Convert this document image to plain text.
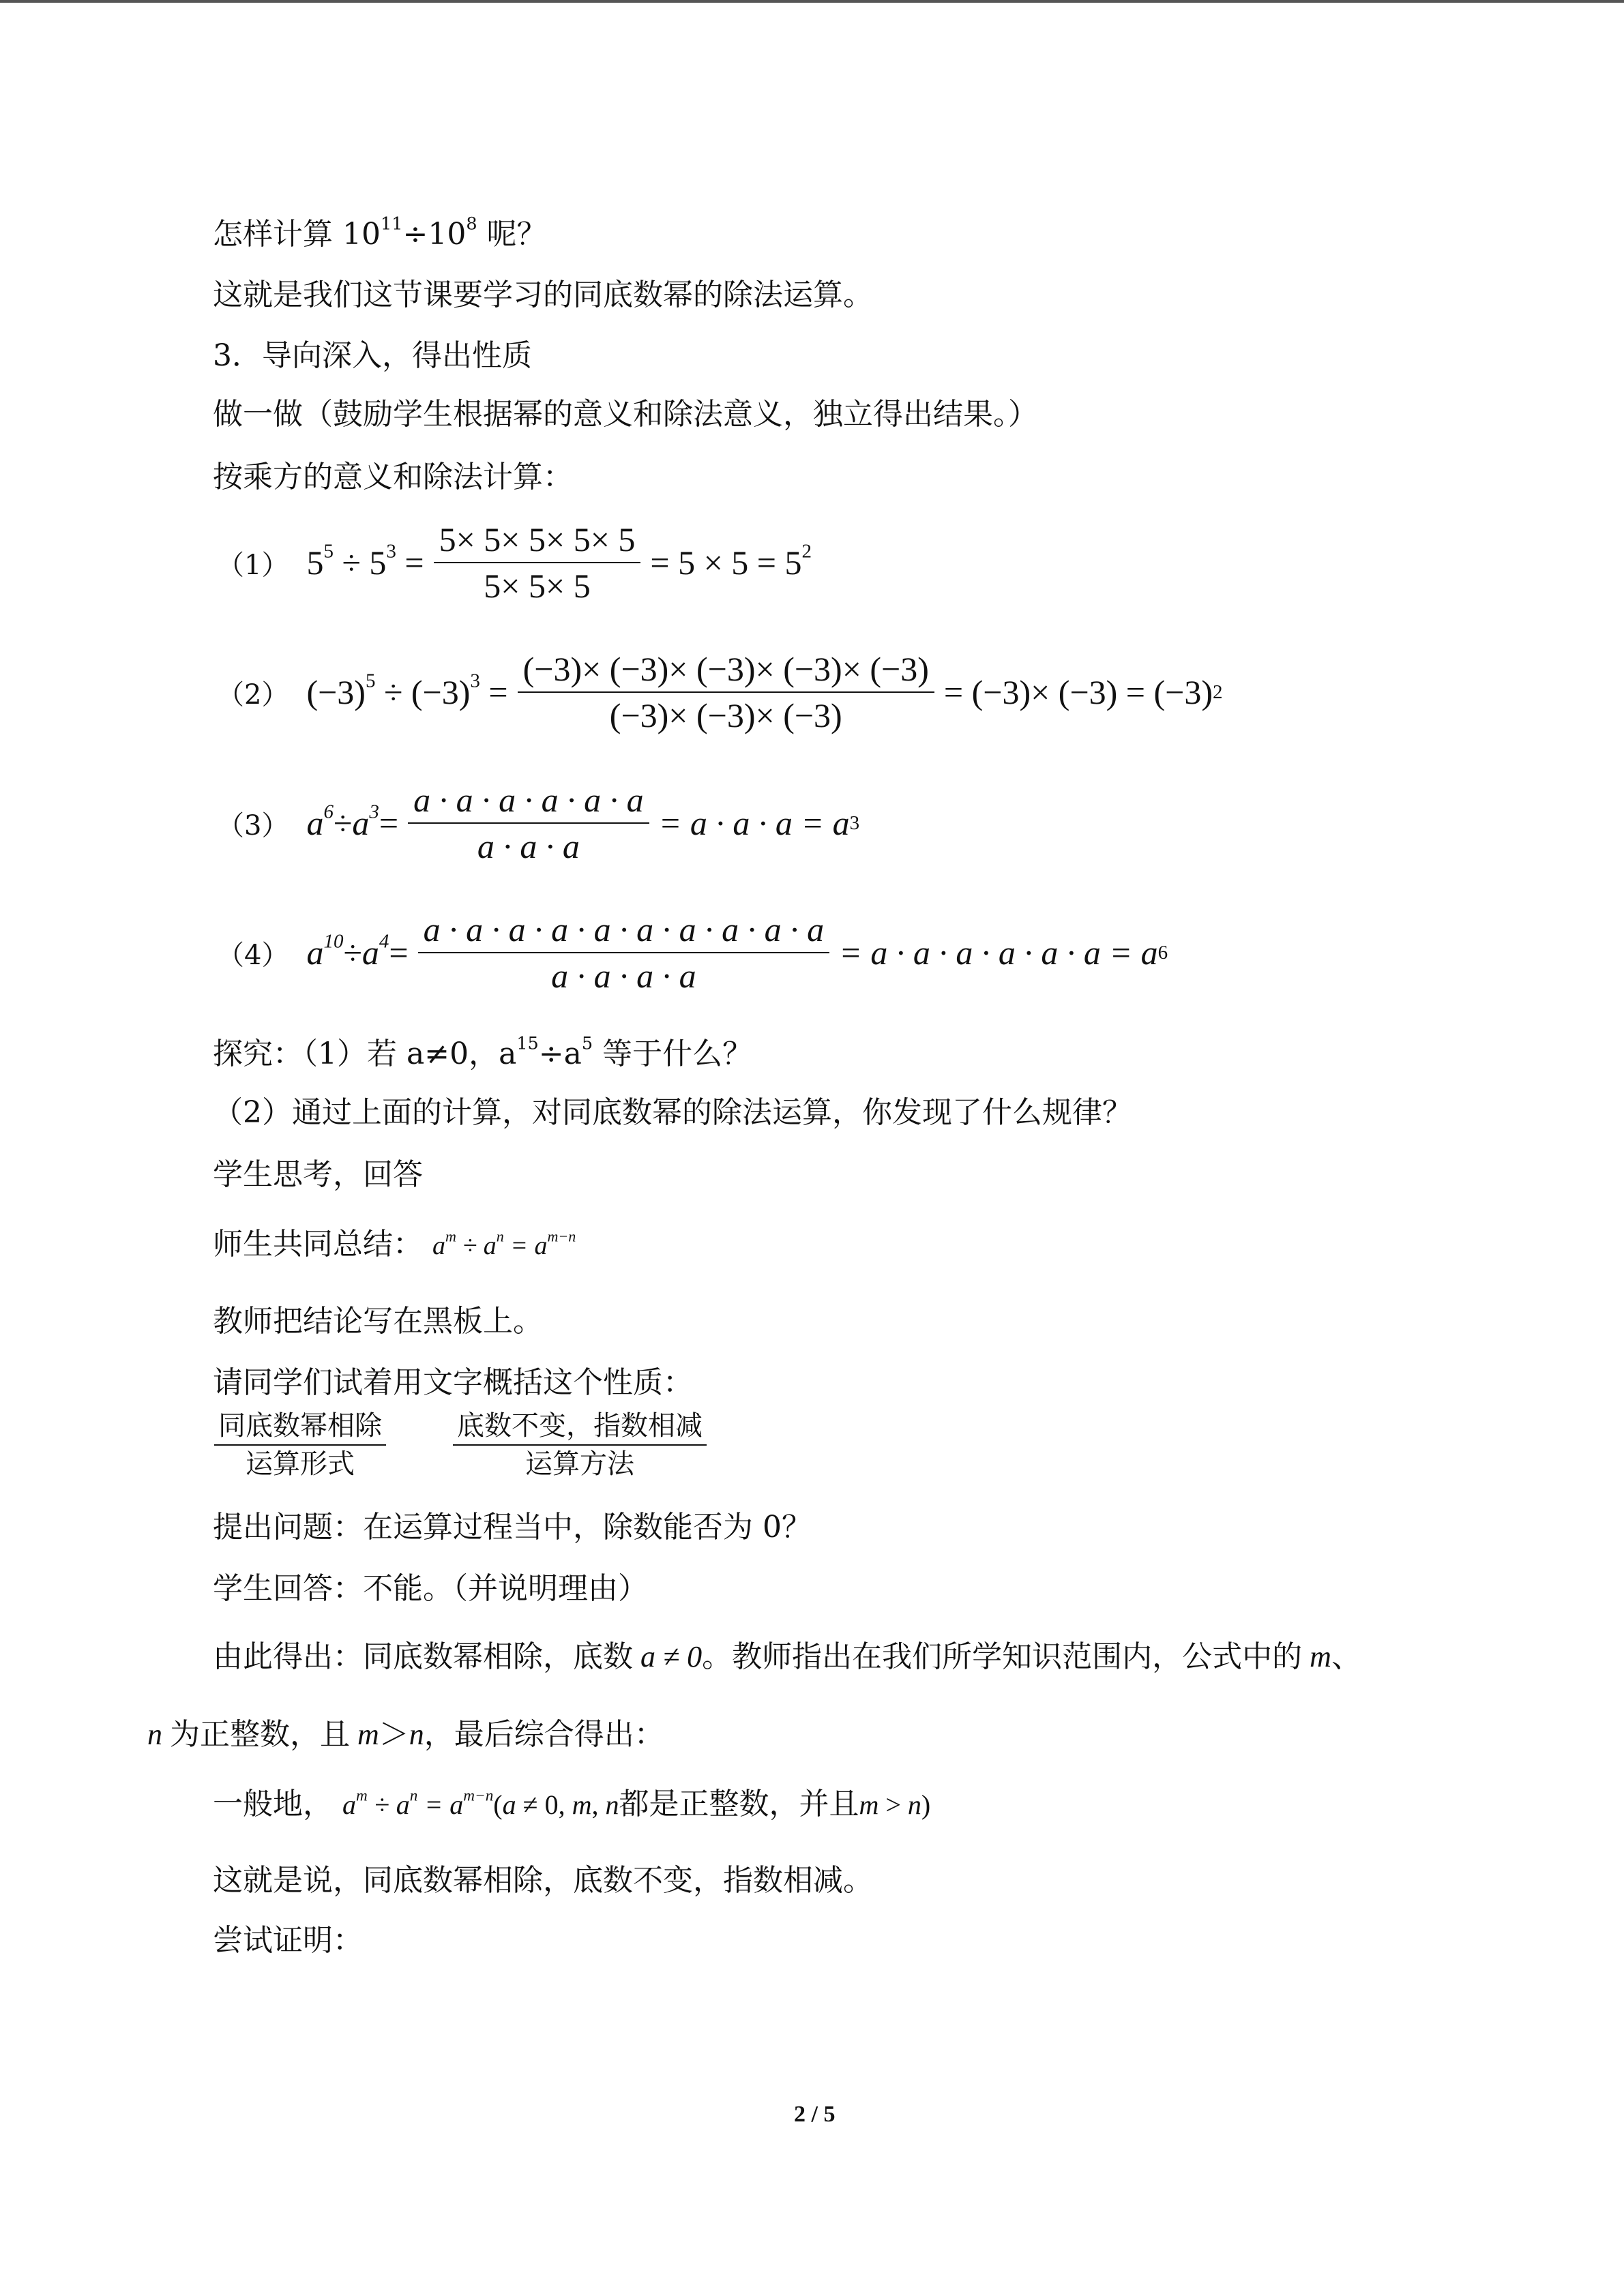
怎样计算 $10^{11}\div 10^8$ 呢？
这就是我们这节课要学习的同底数幂的除法运算。
3．导向深入，得出性质
做一做（鼓励学生根据幂的意义和除法意义，独立得出结果。）
按乘方的意义和除法计算：
（1） $5^5 \div 5^3 = \frac{5\times 5\times 5\times 5\times 5}{5\times 5\times 5} = 5 \times 5 = 5^2$
（2） $(-3)^5 \div (-3)^3 = \frac{(-3)\times (-3)\times (-3)\times (-3)\times (-3)}{(-3)\times (-3)\times (-3)} = (-3)\times (-3) = (-3)$ 2
（3） $a^6 \div a^3 = \frac{a \cdot a \cdot a \cdot a \cdot a \cdot a}{a \cdot a \cdot a} = a \cdot a \cdot a = a$ 3
（4） $a^{10} \div a^4 = \frac{a \cdot a \cdot a \cdot a \cdot a \cdot a \cdot a \cdot a \cdot a \cdot a}{a \cdot a \cdot a \cdot a} = a \cdot a \cdot a \cdot a \cdot a \cdot a = a$ 6
探究：（1）若 a≠0，$a^{15}\div a^5$ 等于什么？
（2）通过上面的计算，对同底数幂的除法运算，你发现了什么规律？
学生思考，回答
师生共同总结： $a^m \div a^n = a^{m-n}$
教师把结论写在黑板上。
请同学们试着用文字概括这个性质：
同底数幂相除
运算形式
底数不变，指数相减
运算方法
提出问题：在运算过程当中，除数能否为 0？
学生回答：不能。（并说明理由）
由此得出：同底数幂相除，底数 a ≠ 0。教师指出在我们所学知识范围内，公式中的 m、
n 为正整数，且 m＞n，最后综合得出：
一般地， $a^m \div a^n = a^{m-n}(a \ne 0$, m, n都是正整数，并且m > n)
这就是说，同底数幂相除，底数不变，指数相减。
尝试证明：
2 / 5
